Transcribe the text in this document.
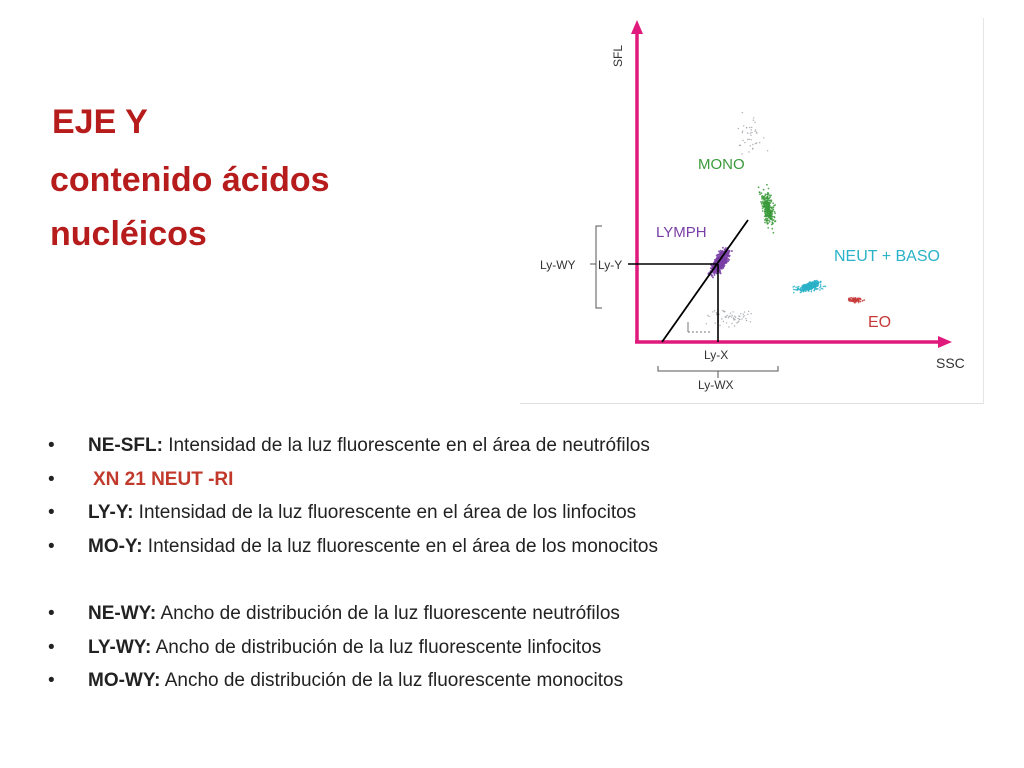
EJE Y
contenido ácidos
nucléicos
SFL
SSC
Ly-WY Ly-Y
Ly-X
Ly-WX
MONO
LYMPH
NEUT + BASO
EO
• NE-SFL: Intensidad de la luz fluorescente en el área de neutrófilos
• XN 21 NEUT -RI
• LY-Y: Intensidad de la luz fluorescente en el área de los linfocitos
• MO-Y: Intensidad de la luz fluorescente en el área de los monocitos
• NE-WY: Ancho de distribución de la luz fluorescente neutrófilos
• LY-WY: Ancho de distribución de la luz fluorescente linfocitos
• MO-WY: Ancho de distribución de la luz fluorescente monocitos
